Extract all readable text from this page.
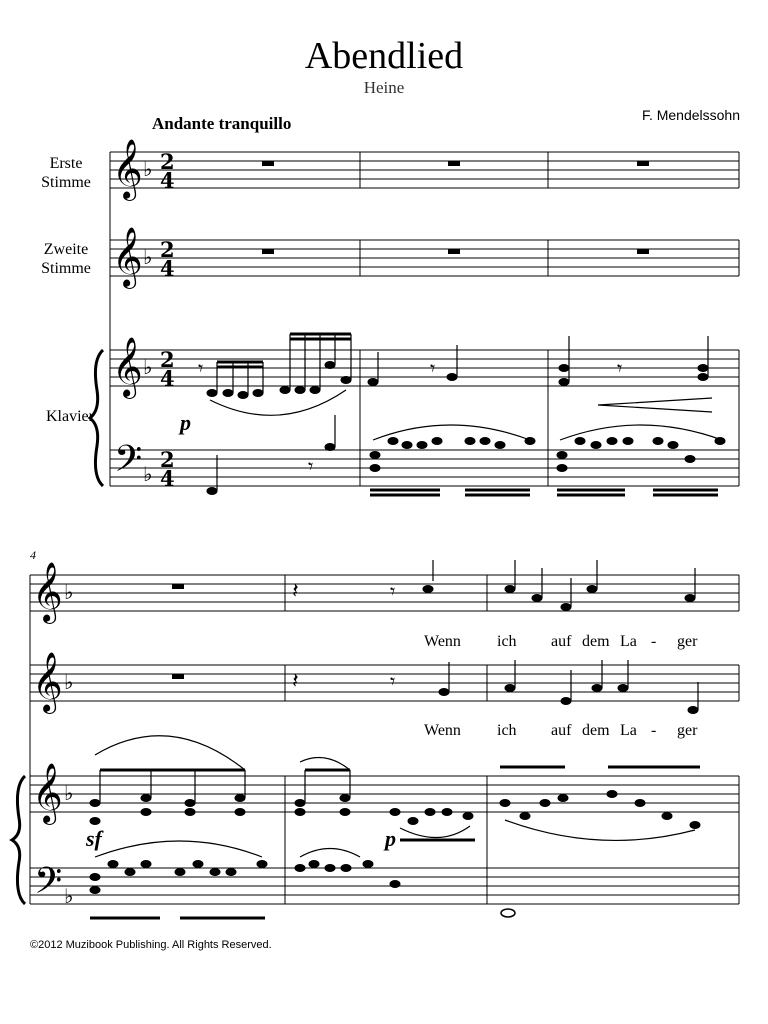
Abendlied
Heine
F. Mendelssohn
Andante tranquillo
Erste
Stimme
Zweite
Stimme
Klavier
4
𝄞
𝄞
𝄞
𝄢
♭
♭
♭
♭
2
4
2
4
2
4
2
4
𝄞
𝄞
𝄞
𝄢
♭
♭
♭
♭
𝄾	𝄾	𝄾
𝄾
𝄾
𝄾
𝄽
𝄽
p
sf	p
Wenn ich auf dem La - ger
Wenn ich auf dem La - ger
©2012 Muzibook Publishing. All Rights Reserved.
